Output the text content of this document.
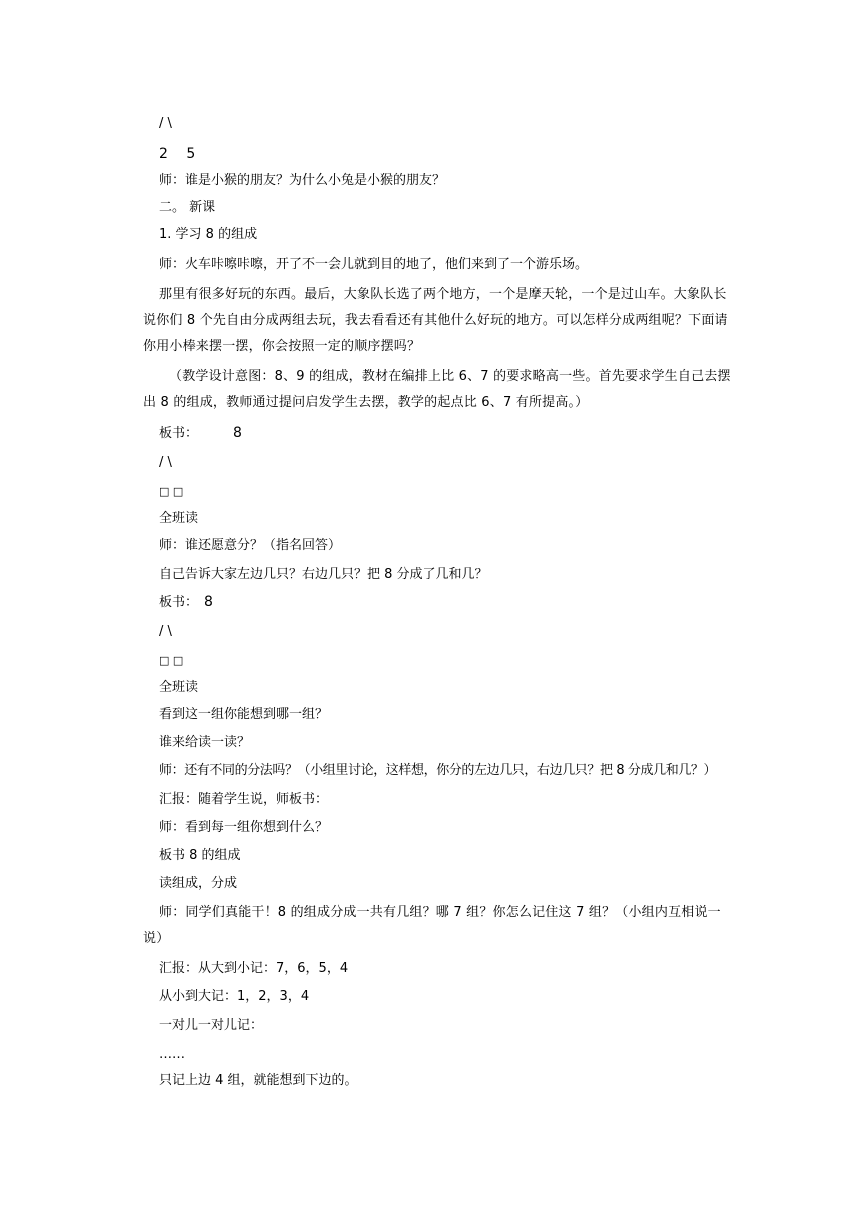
/ \
2 　5
师：谁是小猴的朋友？为什么小兔是小猴的朋友？
二。 新课
1. 学习 8 的组成
师：火车咔嚓咔嚓，开了不一会儿就到目的地了，他们来到了一个游乐场。
那里有很多好玩的东西。最后，大象队长选了两个地方，一个是摩天轮，一个是过山车。大象队长说你们 8 个先自由分成两组去玩，我去看看还有其他什么好玩的地方。可以怎样分成两组呢？下面请你用小棒来摆一摆，你会按照一定的顺序摆吗？
（教学设计意图：8、9 的组成，教材在编排上比 6、7 的要求略高一些。首先要求学生自己去摆出 8 的组成，教师通过提问启发学生去摆，教学的起点比 6、7 有所提高。）
板书： 8
/ \
□ □
全班读
师：谁还愿意分？（指名回答）
自己告诉大家左边几只？右边几只？把 8 分成了几和几？
板书： 8
/ \
□ □
全班读
看到这一组你能想到哪一组？
谁来给读一读？
师：还有不同的分法吗？（小组里讨论，这样想，你分的左边几只，右边几只？把 8 分成几和几？）
汇报：随着学生说，师板书：
师：看到每一组你想到什么？
板书 8 的组成
读组成，分成
师：同学们真能干！8 的组成分成一共有几组？哪 7 组？你怎么记住这 7 组？（小组内互相说一说）
汇报：从大到小记：7，6，5，4
从小到大记：1，2，3，4
一对儿一对儿记：
……
只记上边 4 组，就能想到下边的。
